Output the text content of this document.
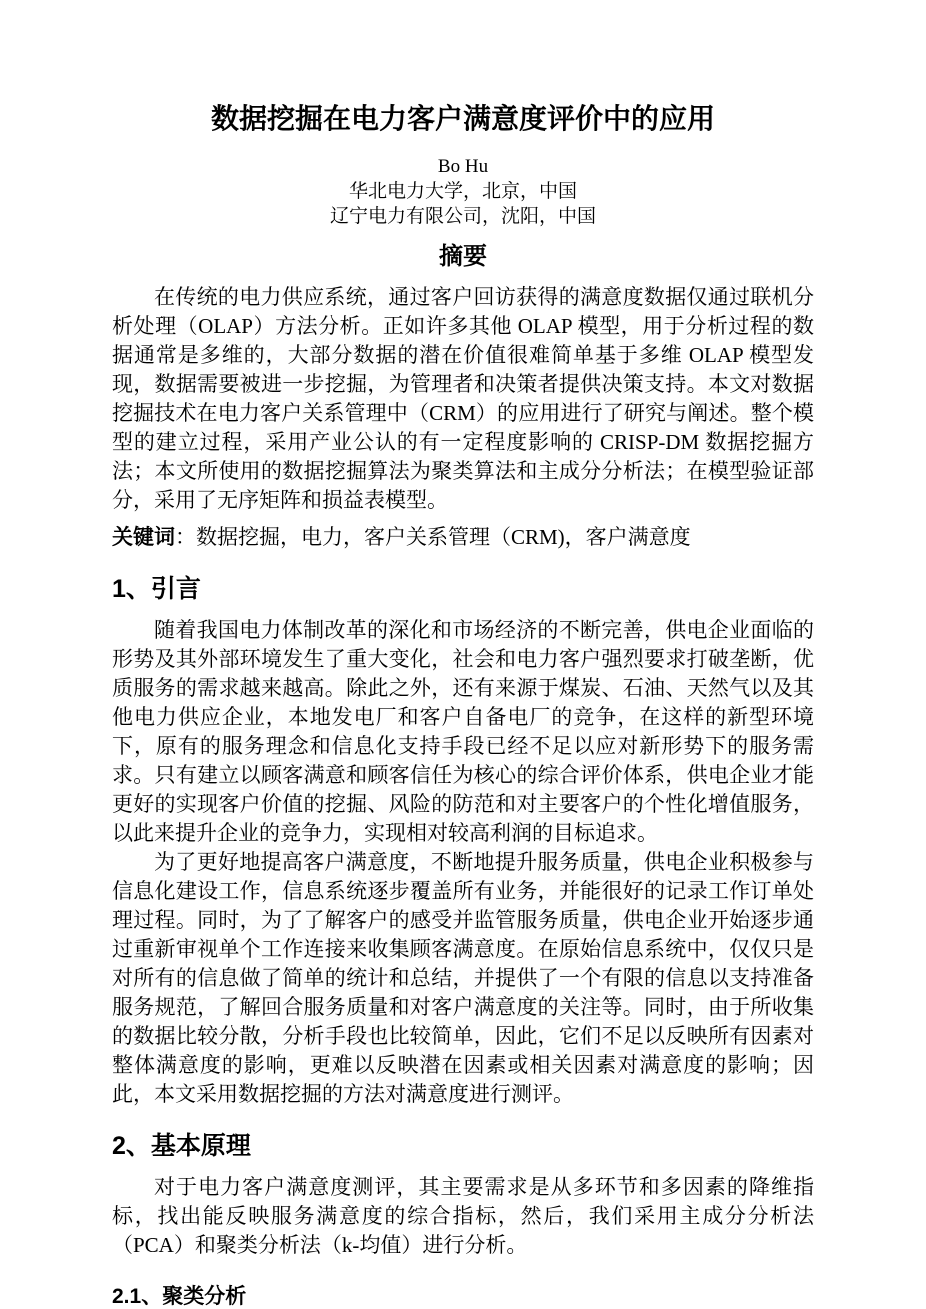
数据挖掘在电力客户满意度评价中的应用
Bo Hu
华北电力大学，北京，中国
辽宁电力有限公司，沈阳，中国
摘要

在传统的电力供应系统，通过客户回访获得的满意度数据仅通过联机分析处理（OLAP）方法分析。正如许多其他 OLAP 模型，用于分析过程的数据通常是多维的，大部分数据的潜在价值很难简单基于多维 OLAP 模型发现，数据需要被进一步挖掘，为管理者和决策者提供决策支持。本文对数据挖掘技术在电力客户关系管理中（CRM）的应用进行了研究与阐述。整个模型的建立过程，采用产业公认的有一定程度影响的 CRISP-DM 数据挖掘方法；本文所使用的数据挖掘算法为聚类算法和主成分分析法；在模型验证部分，采用了无序矩阵和损益表模型。

关键词：数据挖掘，电力，客户关系管理（CRM)，客户满意度

1、引言

随着我国电力体制改革的深化和市场经济的不断完善，供电企业面临的形势及其外部环境发生了重大变化，社会和电力客户强烈要求打破垄断，优质服务的需求越来越高。除此之外，还有来源于煤炭、石油、天然气以及其他电力供应企业，本地发电厂和客户自备电厂的竞争，在这样的新型环境下，原有的服务理念和信息化支持手段已经不足以应对新形势下的服务需求。只有建立以顾客满意和顾客信任为核心的综合评价体系，供电企业才能更好的实现客户价值的挖掘、风险的防范和对主要客户的个性化增值服务，以此来提升企业的竞争力，实现相对较高利润的目标追求。

为了更好地提高客户满意度，不断地提升服务质量，供电企业积极参与信息化建设工作，信息系统逐步覆盖所有业务，并能很好的记录工作订单处理过程。同时，为了了解客户的感受并监管服务质量，供电企业开始逐步通过重新审视单个工作连接来收集顾客满意度。在原始信息系统中，仅仅只是对所有的信息做了简单的统计和总结，并提供了一个有限的信息以支持准备服务规范，了解回合服务质量和对客户满意度的关注等。同时，由于所收集的数据比较分散，分析手段也比较简单，因此，它们不足以反映所有因素对整体满意度的影响，更难以反映潜在因素或相关因素对满意度的影响；因此，本文采用数据挖掘的方法对满意度进行测评。

2、基本原理

对于电力客户满意度测评，其主要需求是从多环节和多因素的降维指标，找出能反映服务满意度的综合指标，然后，我们采用主成分分析法（PCA）和聚类分析法（k-均值）进行分析。

2.1、聚类分析
